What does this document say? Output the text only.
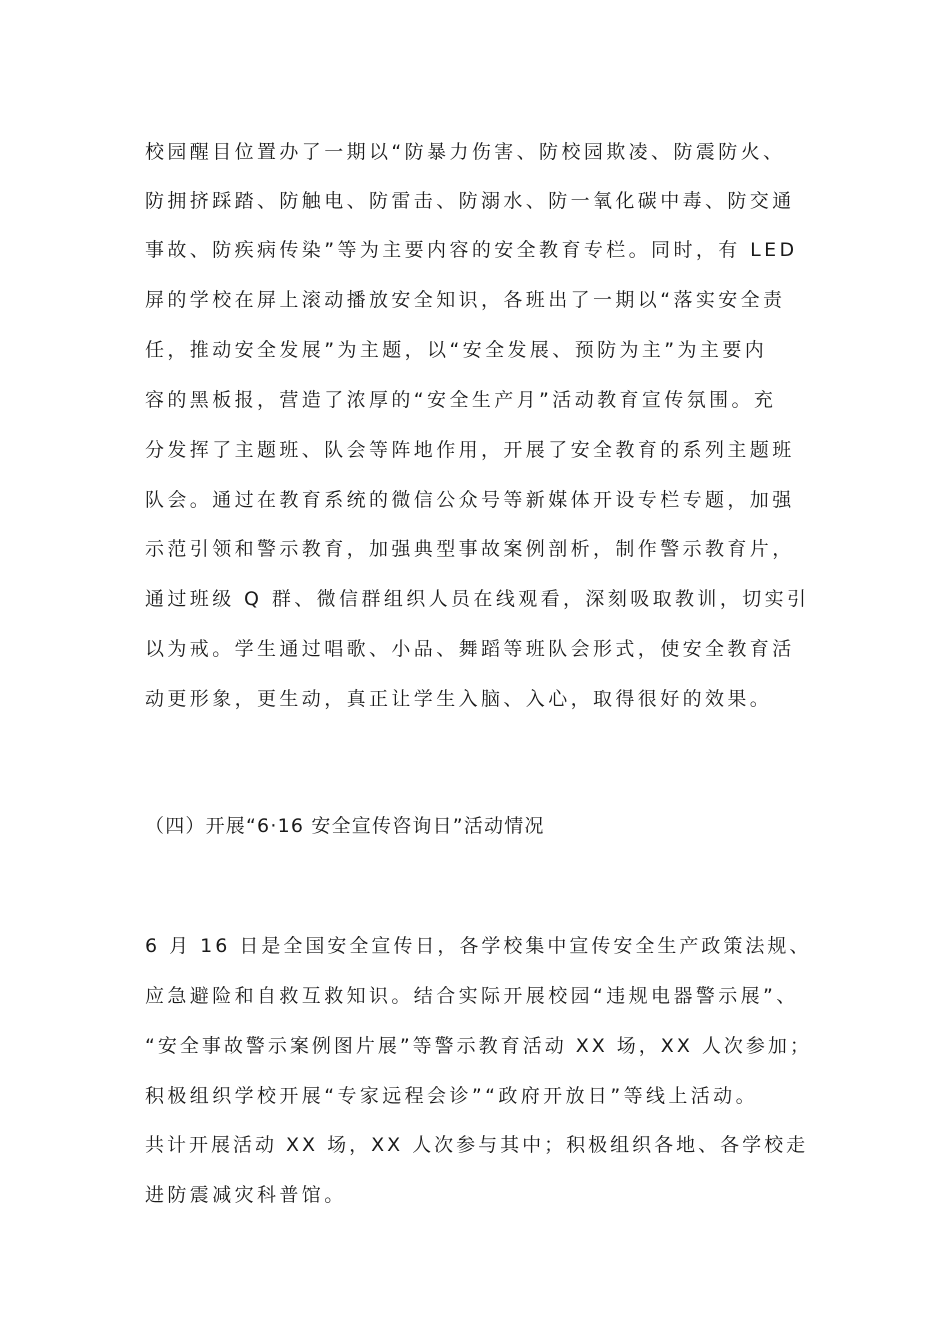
校园醒目位置办了一期以“防暴力伤害、防校园欺凌、防震防火、
防拥挤踩踏、防触电、防雷击、防溺水、防一氧化碳中毒、防交通
事故、防疾病传染”等为主要内容的安全教育专栏。同时，有 LED
屏的学校在屏上滚动播放安全知识，各班出了一期以“落实安全责
任，推动安全发展”为主题，以“安全发展、预防为主”为主要内
容的黑板报，营造了浓厚的“安全生产月”活动教育宣传氛围。充
分发挥了主题班、队会等阵地作用，开展了安全教育的系列主题班
队会。通过在教育系统的微信公众号等新媒体开设专栏专题，加强
示范引领和警示教育，加强典型事故案例剖析，制作警示教育片，
通过班级 Q 群、微信群组织人员在线观看，深刻吸取教训，切实引
以为戒。学生通过唱歌、小品、舞蹈等班队会形式，使安全教育活
动更形象，更生动，真正让学生入脑、入心，取得很好的效果。
（四）开展“6·16 安全宣传咨询日”活动情况
6 月 16 日是全国安全宣传日，各学校集中宣传安全生产政策法规、
应急避险和自救互救知识。结合实际开展校园“违规电器警示展”、
“安全事故警示案例图片展”等警示教育活动 XX 场，XX 人次参加；
积极组织学校开展“专家远程会诊”“政府开放日”等线上活动。
共计开展活动 XX 场，XX 人次参与其中；积极组织各地、各学校走
进防震减灾科普馆。
